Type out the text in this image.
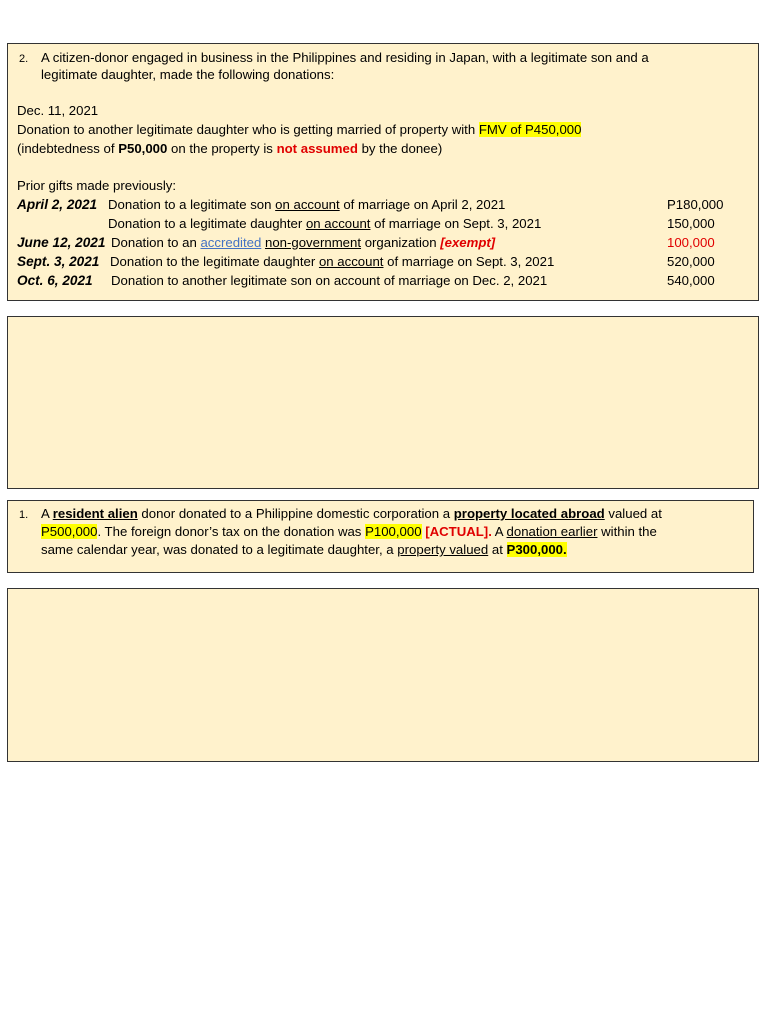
2. A citizen-donor engaged in business in the Philippines and residing in Japan, with a legitimate son and a
legitimate daughter, made the following donations:
Dec. 11, 2021
Donation to another legitimate daughter who is getting married of property with FMV of P450,000
(indebtedness of P50,000 on the property is not assumed by the donee)
Prior gifts made previously:
April 2, 2021 Donation to a legitimate son on account of marriage on April 2, 2021	P180,000
Donation to a legitimate daughter on account of marriage on Sept. 3, 2021	150,000
June 12, 2021 Donation to an accredited non-government organization [exempt]	100,000
Sept. 3, 2021 Donation to the legitimate daughter on account of marriage on Sept. 3, 2021	520,000
Oct. 6, 2021 Donation to another legitimate son on account of marriage on Dec. 2, 2021	540,000
1. A resident alien donor donated to a Philippine domestic corporation a property located abroad valued at
P500,000. The foreign donor’s tax on the donation was P100,000 [ACTUAL]. A donation earlier within the
same calendar year, was donated to a legitimate daughter, a property valued at P300,000.
